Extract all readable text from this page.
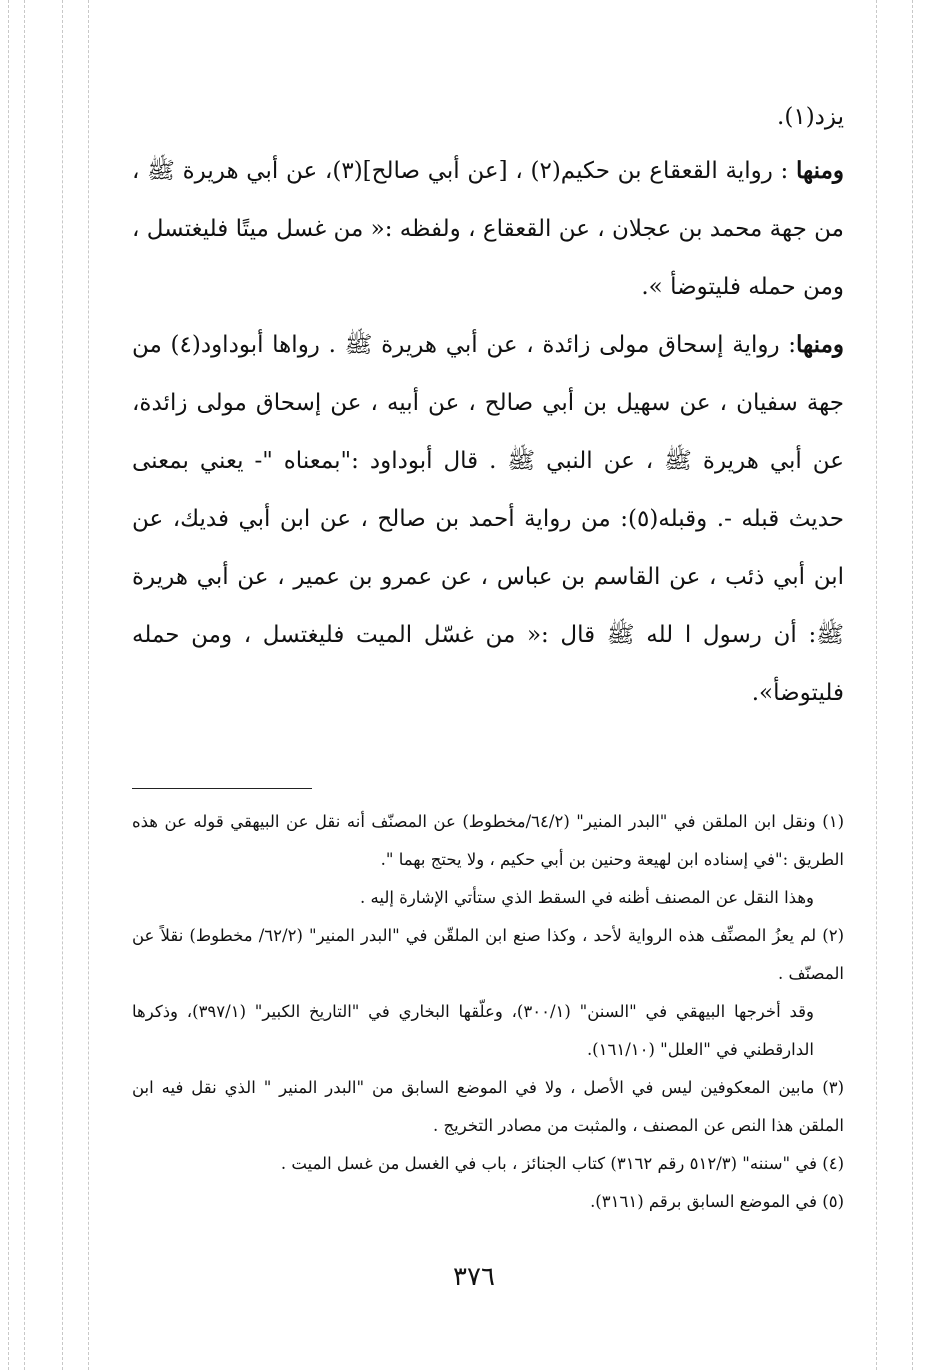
يزد(١).

ومنها : رواية القعقاع بن حكيم(٢) ، [عن أبي صالح](٣)، عن أبي هريرة ﷺ ، من جهة محمد بن عجلان ، عن القعقاع ، ولفظه :« من غسل ميتًا فليغتسل ، ومن حمله فليتوضأ ».

ومنها: رواية إسحاق مولى زائدة ، عن أبي هريرة ﷺ . رواها أبوداود(٤) من جهة سفيان ، عن سهيل بن أبي صالح ، عن أبيه ، عن إسحاق مولى زائدة، عن أبي هريرة ﷺ ، عن النبي ﷺ . قال أبوداود :"بمعناه "- يعني بمعنى حديث قبله -. وقبله(٥): من رواية أحمد بن صالح ، عن ابن أبي فديك، عن ابن أبي ذئب ، عن القاسم بن عباس ، عن عمرو بن عمير ، عن أبي هريرة ﷺ: أن رسول ا لله ﷺ قال :« من غسّل الميت فليغتسل ، ومن حمله فليتوضأ».

(١) ونقل ابن الملقن في "البدر المنير" (٦٤/٢/مخطوط) عن المصنّف أنه نقل عن البيهقي قوله عن هذه الطريق :"في إسناده ابن لهيعة وحنين بن أبي حكيم ، ولا يحتج بهما ".

وهذا النقل عن المصنف أظنه في السقط الذي ستأتي الإشارة إليه .

(٢) لم يعزُ المصنِّف هذه الرواية لأحد ، وكذا صنع ابن الملقّن في "البدر المنير" (٦٢/٢/ مخطوط) نقلاً عن المصنّف .

وقد أخرجها البيهقي في "السنن" (٣٠٠/١)، وعلّقها البخاري في "التاريخ الكبير" (٣٩٧/١)، وذكرها الدارقطني في "العلل" (١٦١/١٠).

(٣) مابين المعكوفين ليس في الأصل ، ولا في الموضع السابق من "البدر المنير " الذي نقل فيه ابن الملقن هذا النص عن المصنف ، والمثبت من مصادر التخريج .

(٤) في "سننه" (٥١٢/٣ رقم ٣١٦٢) كتاب الجنائز ، باب في الغسل من غسل الميت .

(٥) في الموضع السابق برقم (٣١٦١).

٣٧٦
